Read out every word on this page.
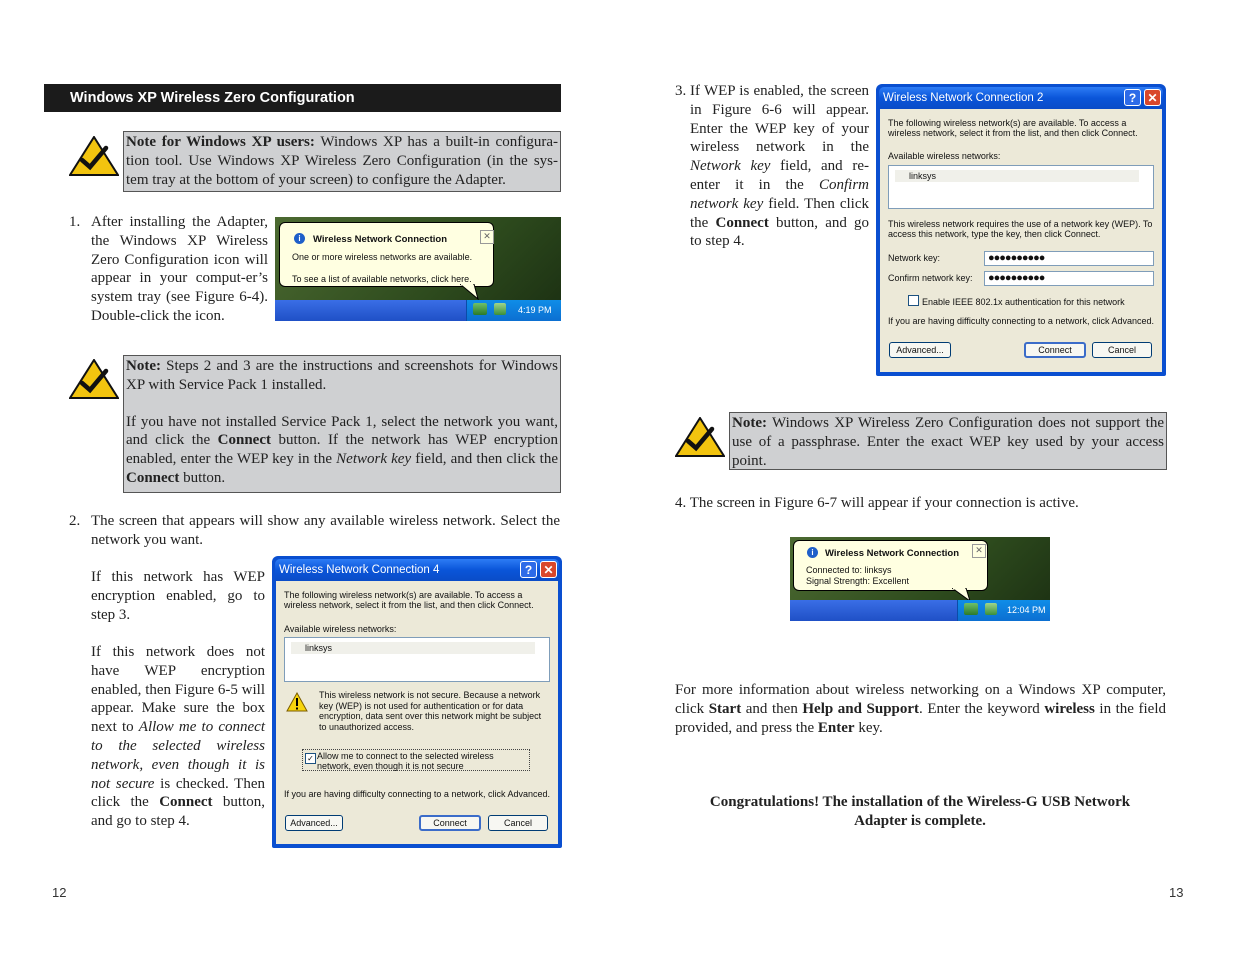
Windows XP Wireless Zero Configuration
Note for Windows XP users: Windows XP has a built-in configura-tion tool. Use Windows XP Wireless Zero Configuration (in the sys-tem tray at the bottom of your screen) to configure the Adapter.
1. After installing the Adapter, the Windows XP Wireless Zero Configuration icon will appear in your comput-er’s system tray (see Figure 6-4). Double-click the icon.
i	Wireless Network Connection	✕
One or more wireless networks are available.
To see a list of available networks, click here.
4:19 PM
Note: Steps 2 and 3 are the instructions and screenshots for Windows XP with Service Pack 1 installed.
If you have not installed Service Pack 1, select the network you want, and click the Connect button. If the network has WEP encryption enabled, enter the WEP key in the Network key field, and then click the Connect button.
2. The screen that appears will show any available wireless network. Select the network you want.
If this network has WEP encryption enabled, go to step 3.
If this network does not have WEP encryption enabled, then Figure 6-5 will appear. Make sure the box next to Allow me to connect to the selected wireless network, even though it is not secure is checked. Then click the Connect button, and go to step 4.
Wireless Network Connection 4	? ✕
The following wireless network(s) are available. To access a wireless network, select it from the list, and then click Connect.
Available wireless networks:
linksys
This wireless network is not secure. Because a network key (WEP) is not used for authentication or for data encryption, data sent over this network might be subject to unauthorized access.
✓ Allow me to connect to the selected wireless network, even though it is not secure
If you are having difficulty connecting to a network, click Advanced.
Advanced...	Connect	Cancel
12
3. If WEP is enabled, the screen in Figure 6-6 will appear. Enter the WEP key of your wireless network in the Network key field, and re-enter it in the Confirm network key field. Then click the Connect button, and go to step 4.
Wireless Network Connection 2	? ✕
The following wireless network(s) are available. To access a wireless network, select it from the list, and then click Connect.
Available wireless networks:
linksys
This wireless network requires the use of a network key (WEP). To access this network, type the key, then click Connect.
Network key:	●●●●●●●●●●
Confirm network key:	●●●●●●●●●●
Enable IEEE 802.1x authentication for this network
If you are having difficulty connecting to a network, click Advanced.
Advanced...	Connect	Cancel
Note: Windows XP Wireless Zero Configuration does not support the use of a passphrase. Enter the exact WEP key used by your access point.
4. The screen in Figure 6-7 will appear if your connection is active.
i	Wireless Network Connection	✕
Connected to: linksys
Signal Strength: Excellent
12:04 PM
For more information about wireless networking on a Windows XP computer, click Start and then Help and Support. Enter the keyword wireless in the field provided, and press the Enter key.
Congratulations! The installation of the Wireless-G USB Network Adapter is complete.
13
